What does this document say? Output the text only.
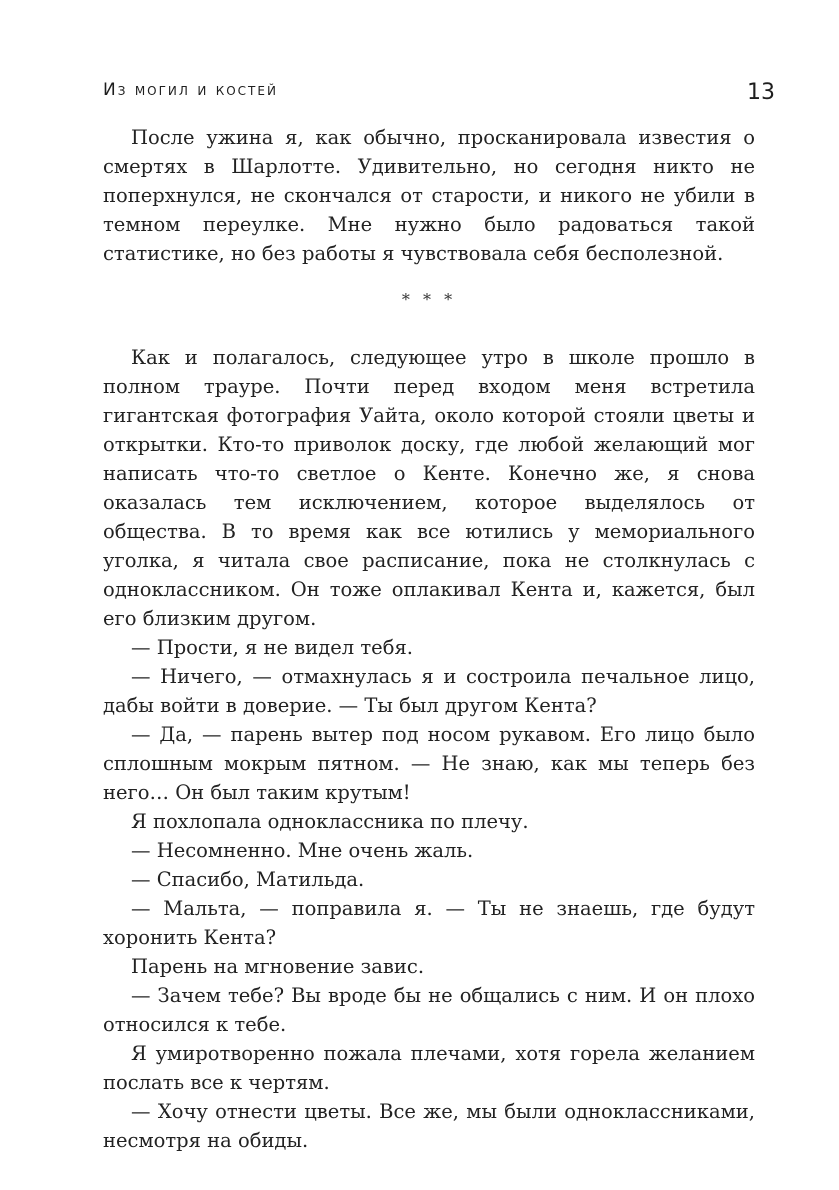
Из могил и костей	13

После ужина я, как обычно, просканировала известия о смертях в Шарлотте. Удивительно, но сегодня никто не поперхнулся, не скончался от старости, и никого не убили в темном переулке. Мне нужно было радоваться такой статистике, но без работы я чувствовала себя бесполезной.

* * *

Как и полагалось, следующее утро в школе прошло в полном трауре. Почти перед входом меня встретила гигантская фотография Уайта, около которой стояли цветы и открытки. Кто-то приволок доску, где любой желающий мог написать что-то светлое о Кенте. Конечно же, я снова оказалась тем исключением, которое выделялось от общества. В то время как все ютились у мемориального уголка, я читала свое расписание, пока не столкнулась с одноклассником. Он тоже оплакивал Кента и, кажется, был его близким другом.

— Прости, я не видел тебя.

— Ничего, — отмахнулась я и состроила печальное лицо, дабы войти в доверие. — Ты был другом Кента?

— Да, — парень вытер под носом рукавом. Его лицо было сплошным мокрым пятном. — Не знаю, как мы теперь без него… Он был таким крутым!

Я похлопала одноклассника по плечу.

— Несомненно. Мне очень жаль.

— Спасибо, Матильда.

— Мальта, — поправила я. — Ты не знаешь, где будут хоронить Кента?

Парень на мгновение завис.

— Зачем тебе? Вы вроде бы не общались с ним. И он плохо относился к тебе.

Я умиротворенно пожала плечами, хотя горела желанием послать все к чертям.

— Хочу отнести цветы. Все же, мы были одноклассниками, несмотря на обиды.
